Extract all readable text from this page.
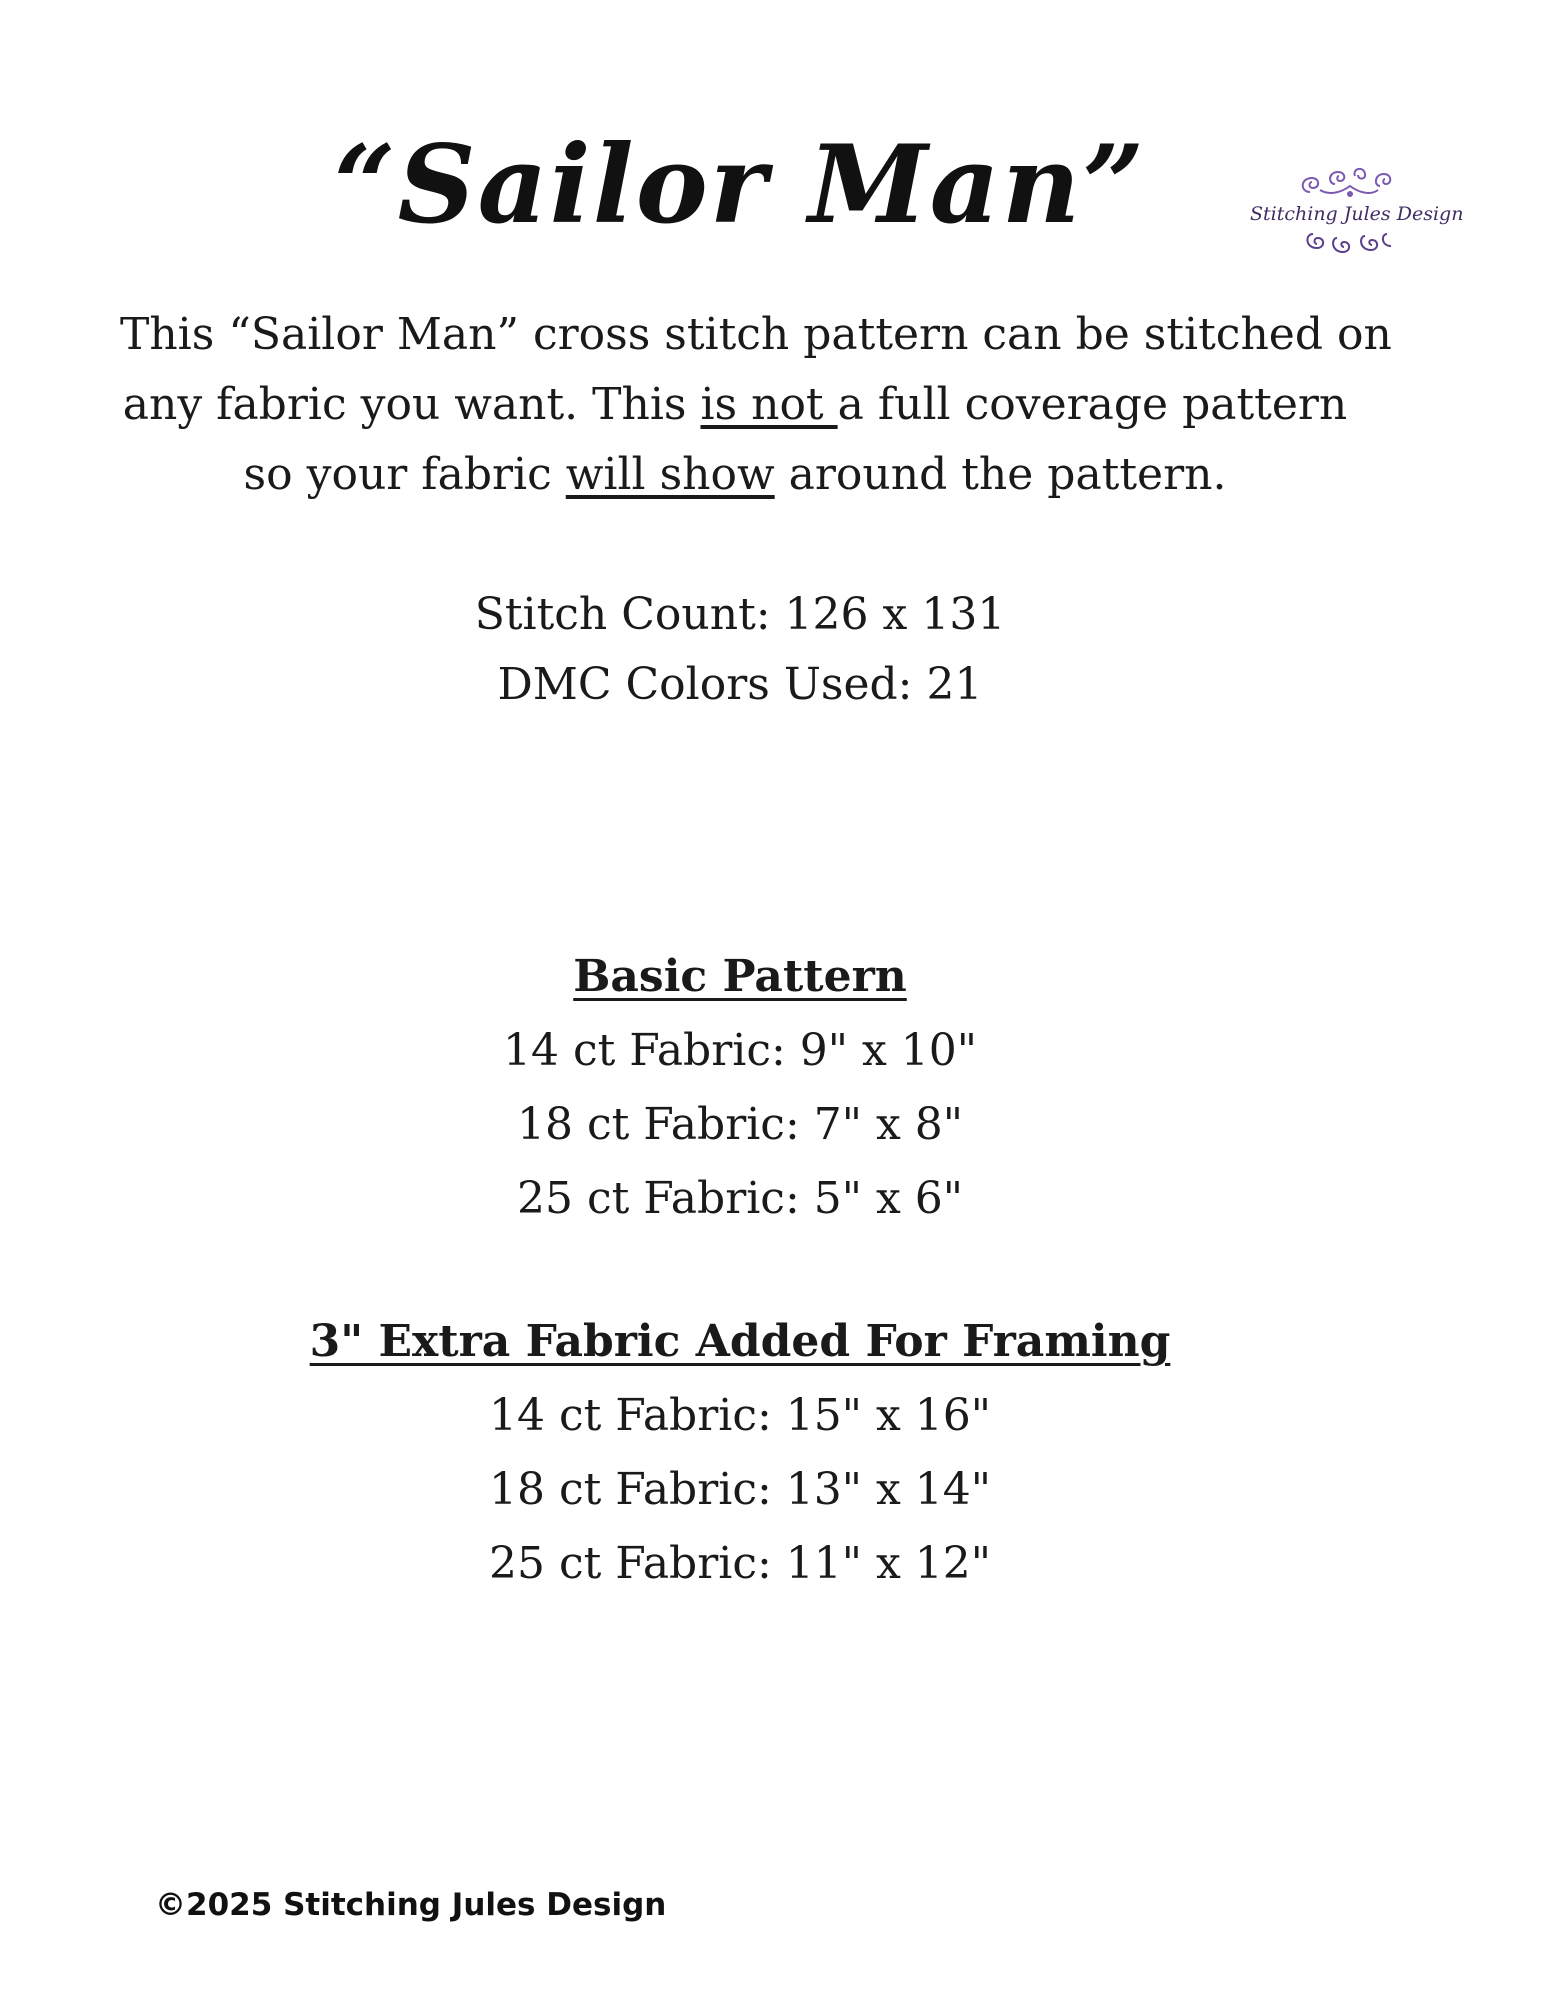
“Sailor Man”	Stitching Jules Design
This “Sailor Man” cross stitch pattern can be stitched on
any fabric you want. This is not a full coverage pattern
so your fabric will show around the pattern.
Stitch Count: 126 x 131
DMC Colors Used: 21
Basic Pattern
14 ct Fabric: 9" x 10"
18 ct Fabric: 7" x 8"
25 ct Fabric: 5" x 6"
3" Extra Fabric Added For Framing
14 ct Fabric: 15" x 16"
18 ct Fabric: 13" x 14"
25 ct Fabric: 11" x 12"
©2025 Stitching Jules Design
